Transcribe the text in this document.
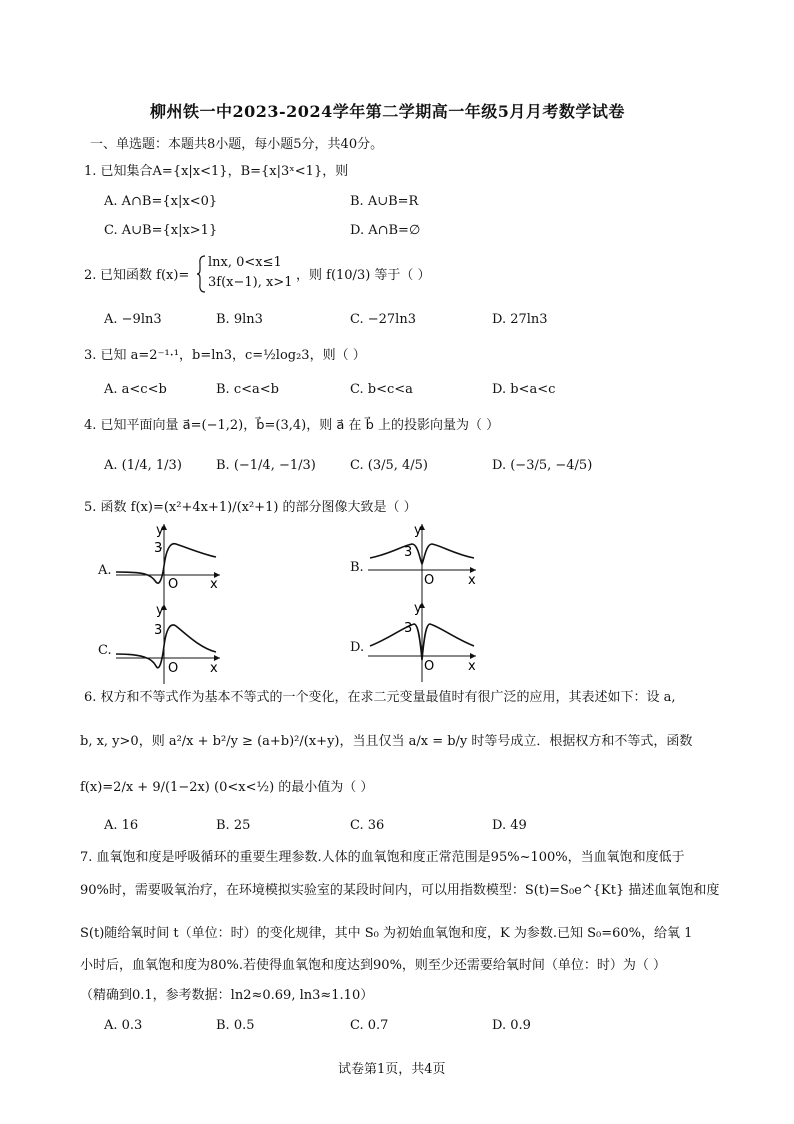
柳州铁一中2023-2024学年第二学期高一年级5月月考数学试卷
一、单选题：本题共8小题，每小题5分，共40分。
1. 已知集合A={x|x<1}，B={x|3ˣ<1}，则
A. A∩B={x|x<0}	B. A∪B=R
C. A∪B={x|x>1}	D. A∩B=∅
2. 已知函数 f(x)=
lnx, 0<x≤1
3f(x−1), x>1 ，则 f(10/3) 等于（ ）
A. −9ln3	B. 9ln3	C. −27ln3	D. 27ln3
3. 已知 a=2⁻¹·¹，b=ln3，c=½log₂3，则（ ）
A. a<c<b	B. c<a<b	C. b<c<a	D. b<a<c
4. 已知平面向量 a⃗=(−1,2)，b⃗=(3,4)，则 a⃗ 在 b⃗ 上的投影向量为（ ）
A. (1/4, 1/3)	B. (−1/4, −1/3)	C. (3/5, 4/5)	D. (−3/5, −4/5)
5. 函数 f(x)=(x²+4x+1)/(x²+1) 的部分图像大致是（ ）
A.
y
3
O x
B.
y
3
O	x
C.
y
3
O x
D.
y
3
O	x
6. 权方和不等式作为基本不等式的一个变化，在求二元变量最值时有很广泛的应用，其表述如下：设 a,
b, x, y>0，则 a²/x + b²/y ≥ (a+b)²/(x+y)，当且仅当 a/x = b/y 时等号成立．根据权方和不等式，函数
f(x)=2/x + 9/(1−2x) (0<x<½) 的最小值为（ ）
A. 16	B. 25	C. 36	D. 49
7. 血氧饱和度是呼吸循环的重要生理参数.人体的血氧饱和度正常范围是95%~100%，当血氧饱和度低于
90%时，需要吸氧治疗，在环境模拟实验室的某段时间内，可以用指数模型：S(t)=S₀e^{Kt} 描述血氧饱和度
S(t)随给氧时间 t（单位：时）的变化规律，其中 S₀ 为初始血氧饱和度，K 为参数.已知 S₀=60%，给氧 1
小时后，血氧饱和度为80%.若使得血氧饱和度达到90%，则至少还需要给氧时间（单位：时）为（ ）
（精确到0.1，参考数据：ln2≈0.69, ln3≈1.10）
A. 0.3	B. 0.5	C. 0.7	D. 0.9
试卷第1页，共4页
